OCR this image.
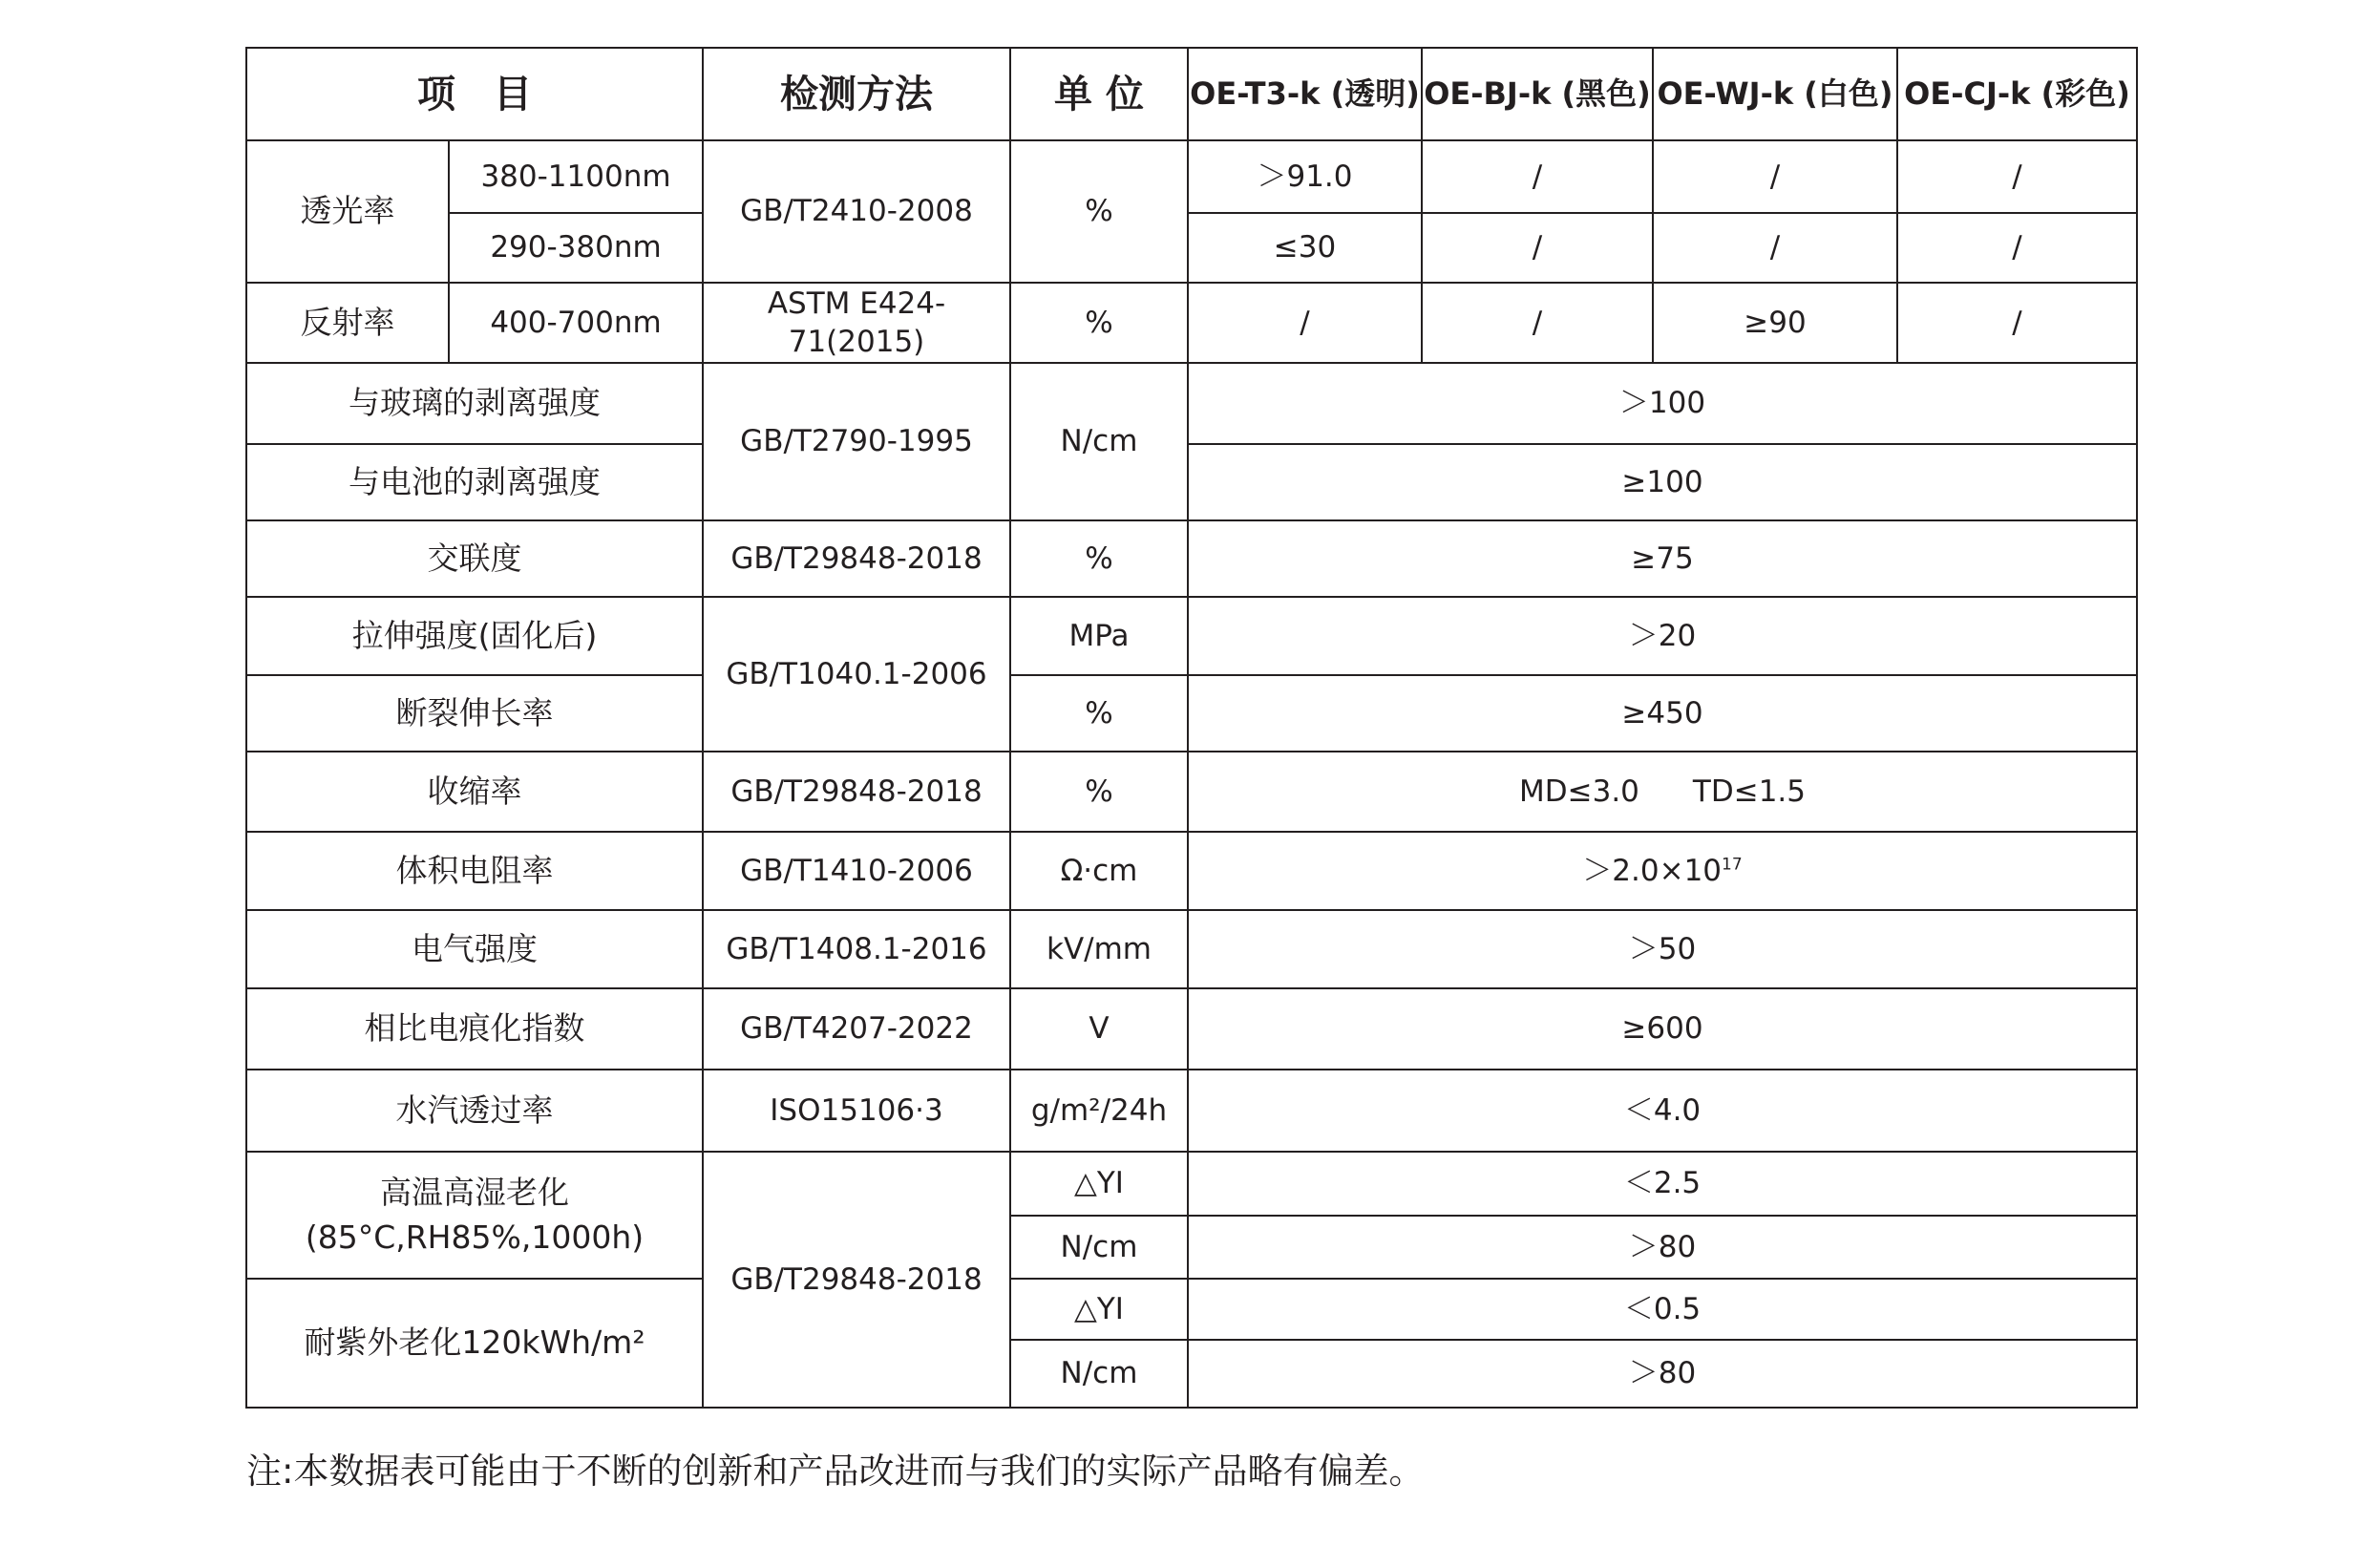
项　目		检测方法	单 位	OE-T3-k (透明)	OE-BJ-k (黑色)	OE-WJ-k (白色)	OE-CJ-k (彩色)
透光率	380-1100nm	GB/T2410-2008	%	＞91.0	/	/	/
	290-380nm			≤30	/	/	/
反射率	400-700nm	ASTM E424-71(2015)	%	/	/	≥90	/
与玻璃的剥离强度		GB/T2790-1995	N/cm	＞100			
与电池的剥离强度				≥100			
交联度		GB/T29848-2018	%	≥75			
拉伸强度(固化后)		GB/T1040.1-2006	MPa	＞20			
断裂伸长率			%	≥450			
收缩率		GB/T29848-2018	%	MD≤3.0 TD≤1.5			
体积电阻率		GB/T1410-2006	Ω·cm	$>2.0\times 10^{17}$
电气强度		GB/T1408.1-2016	kV/mm	＞50			
相比电痕化指数		GB/T4207-2022	V	≥600			
水汽透过率		ISO15106·3	g/m²/24h	＜4.0			
高温高湿老化
(85°C,RH85%,1000h)		GB/T29848-2018	△YI	＜2.5			
			N/cm	＞80			
耐紫外老化120kWh/m²			△YI	＜0.5			
			N/cm	＞80			
注:本数据表可能由于不断的创新和产品改进而与我们的实际产品略有偏差。
